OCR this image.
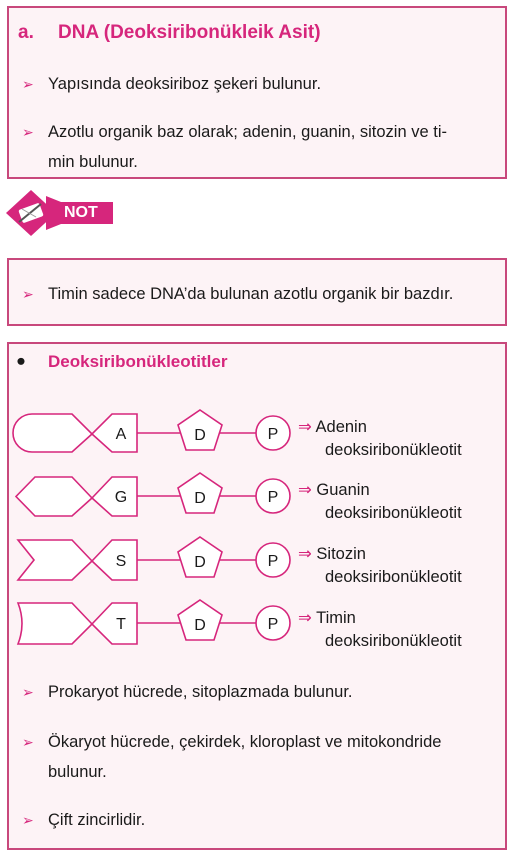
a. DNA (Deoksiribonükleik Asit)
➢ Yapısında deoksiriboz şekeri bulunur.
➢ Azotlu organik baz olarak; adenin, guanin, sitozin ve ti-
min bulunur.
NOT
➢ Timin sadece DNA’da bulunan azotlu organik bir bazdır.
● Deoksiribonükleotitler
A	D	P
G	D	P
S	D	P
T	D	P
⇒ Adenin
deoksiribonükleotit
⇒ Guanin
deoksiribonükleotit
⇒ Sitozin
deoksiribonükleotit
⇒ Timin
deoksiribonükleotit
➢ Prokaryot hücrede, sitoplazmada bulunur.
➢ Ökaryot hücrede, çekirdek, kloroplast ve mitokondride
bulunur.
➢ Çift zincirlidir.
